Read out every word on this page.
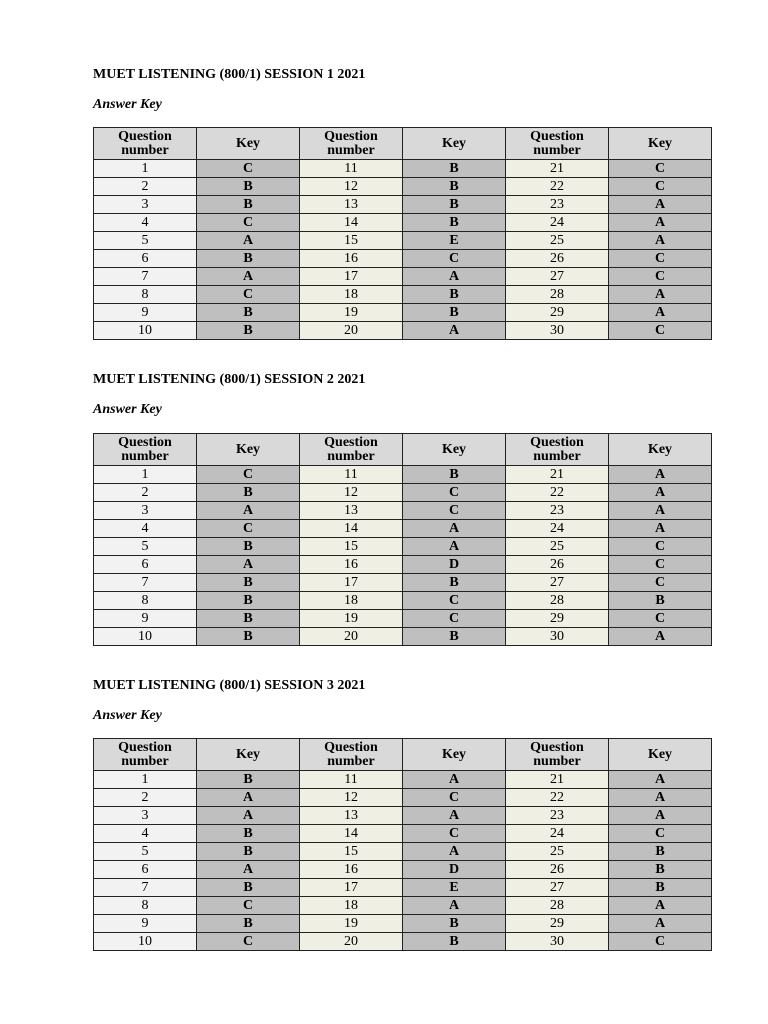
MUET LISTENING (800/1) SESSION 1 2021
Answer Key
Question number	Key	Question number	Key	Question number	Key
1	C	11	B	21	C
2	B	12	B	22	C
3	B	13	B	23	A
4	C	14	B	24	A
5	A	15	E	25	A
6	B	16	C	26	C
7	A	17	A	27	C
8	C	18	B	28	A
9	B	19	B	29	A
10	B	20	A	30	C
MUET LISTENING (800/1) SESSION 2 2021
Answer Key
Question number	Key	Question number	Key	Question number	Key
1	C	11	B	21	A
2	B	12	C	22	A
3	A	13	C	23	A
4	C	14	A	24	A
5	B	15	A	25	C
6	A	16	D	26	C
7	B	17	B	27	C
8	B	18	C	28	B
9	B	19	C	29	C
10	B	20	B	30	A
MUET LISTENING (800/1) SESSION 3 2021
Answer Key
Question number	Key	Question number	Key	Question number	Key
1	B	11	A	21	A
2	A	12	C	22	A
3	A	13	A	23	A
4	B	14	C	24	C
5	B	15	A	25	B
6	A	16	D	26	B
7	B	17	E	27	B
8	C	18	A	28	A
9	B	19	B	29	A
10	C	20	B	30	C
